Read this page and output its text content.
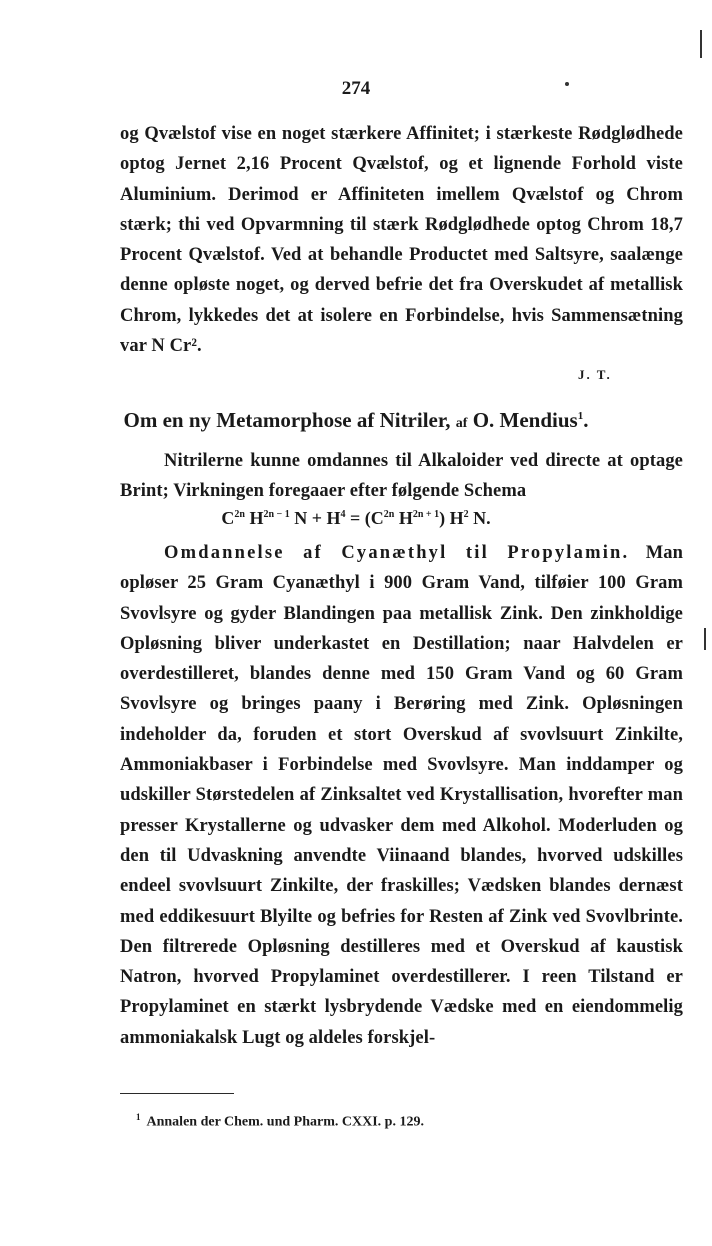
274
og Qvælstof vise en noget stærkere Affinitet; i stærkeste Rødglødhede optog Jernet 2,16 Procent Qvælstof, og et lignende Forhold viste Aluminium. Derimod er Affiniteten imellem Qvælstof og Chrom stærk; thi ved Opvarmning til stærk Rødglødhede optog Chrom 18,7 Procent Qvælstof. Ved at behandle Productet med Saltsyre, saalænge denne opløste noget, og derved befrie det fra Overskudet af metallisk Chrom, lykkedes det at isolere en Forbindelse, hvis Sammensætning var N Cr².
J. T.
Om en ny Metamorphose af Nitriler, af O. Mendius$^1$.
Nitrilerne kunne omdannes til Alkaloider ved directe at optage Brint; Virkningen foregaaer efter følgende Schema
$C^{2n}$ $H^{2n - 1}$ $N + H^4 = (C^{2n}$ $H^{2n + 1}$) $H^2$ N.
Omdannelse af Cyanæthyl til Propylamin. Man opløser 25 Gram Cyanæthyl i 900 Gram Vand, tilføier 100 Gram Svovlsyre og gyder Blandingen paa metallisk Zink. Den zinkholdige Opløsning bliver underkastet en Destillation; naar Halvdelen er overdestilleret, blandes denne med 150 Gram Vand og 60 Gram Svovlsyre og bringes paany i Berøring med Zink. Opløsningen indeholder da, foruden et stort Overskud af svovlsuurt Zinkilte, Ammoniakbaser i Forbindelse med Svovlsyre. Man inddamper og udskiller Størstedelen af Zinksaltet ved Krystallisation, hvorefter man presser Krystallerne og udvasker dem med Alkohol. Moderluden og den til Udvaskning anvendte Viinaand blandes, hvorved udskilles endeel svovlsuurt Zinkilte, der fraskilles; Vædsken blandes dernæst med eddikesuurt Blyilte og befries for Resten af Zink ved Svovlbrinte. Den filtrerede Opløsning destilleres med et Overskud af kaustisk Natron, hvorved Propylaminet overdestillerer. I reen Tilstand er Propylaminet en stærkt lysbrydende Vædske med en eiendommelig ammoniakalsk Lugt og aldeles forskjel-
$^1$ Annalen der Chem. und Pharm. CXXI. p. 129.
